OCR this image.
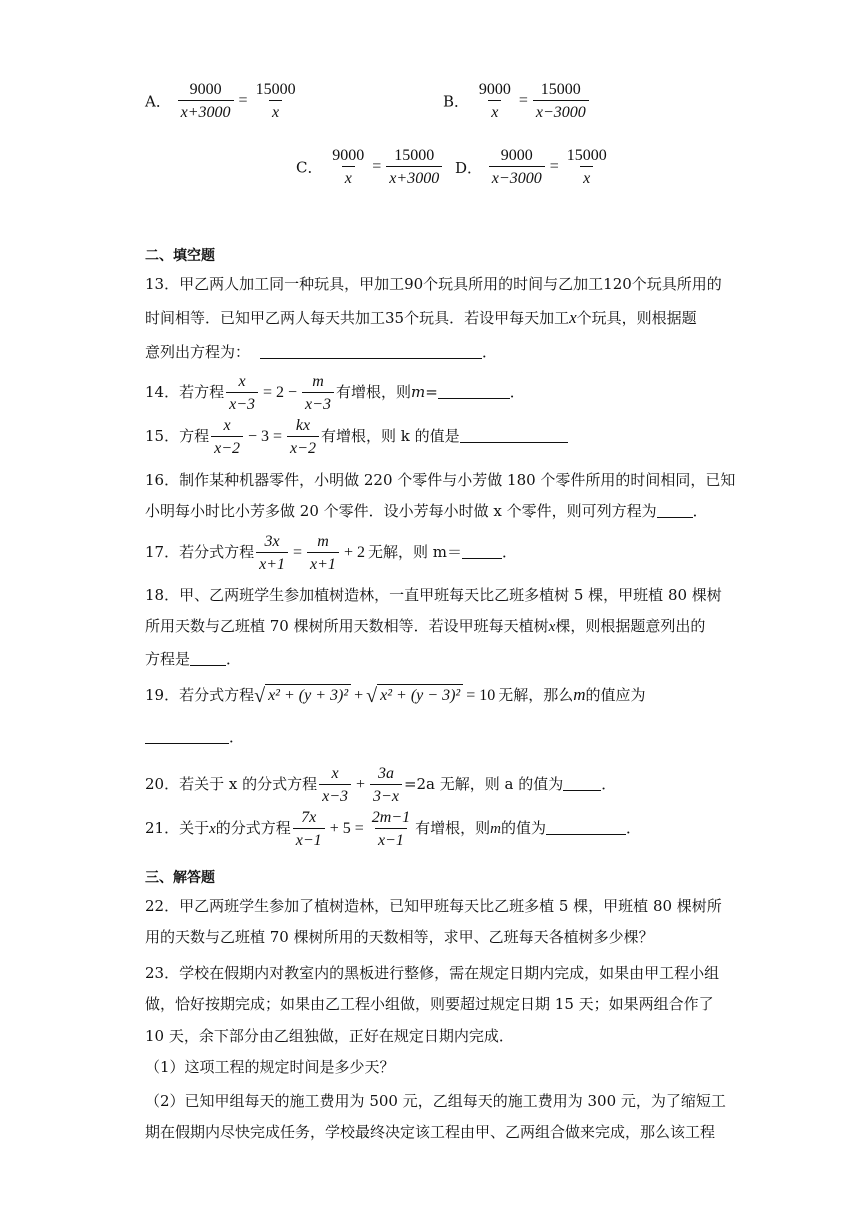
A． $\frac{9000}{x+3000} = \frac{15000}{x}$	B． $\frac{9000}{x} = \frac{15000}{x-3000}$
C． $\frac{9000}{x} = \frac{15000}{x+3000}$ D． $\frac{9000}{x-3000} = \frac{15000}{x}$
二、填空题
13．甲乙两人加工同一种玩具，甲加工90个玩具所用的时间与乙加工120个玩具所用的
时间相等．已知甲乙两人每天共加工35个玩具．若设甲每天加工x个玩具，则根据题
意列出方程为：	．
14．若方程 $\frac{x}{x-3} = 2 - \frac{m}{x-3}$ 有增根，则m=	．
15．方程 $\frac{x}{x-2} - 3 = \frac{kx}{x-2}$ 有增根，则 k 的值是
16．制作某种机器零件，小明做 220 个零件与小芳做 180 个零件所用的时间相同，已知
小明每小时比小芳多做 20 个零件．设小芳每小时做 x 个零件，则可列方程为 ．
17．若分式方程 $\frac{3x}{x+1} = \frac{m}{x+1} + 2$ 无解，则 m＝	．
18．甲、乙两班学生参加植树造林，一直甲班每天比乙班多植树 5 棵，甲班植 80 棵树
所用天数与乙班植 70 棵树所用天数相等．若设甲班每天植树x棵，则根据题意列出的
方程是 ．
19．若分式方程√ x² + (y + 3)² + √ x² + (y − 3)² = 10 无解，那么m的值应为
．
20．若关于 x 的分式方程 $\frac{x}{x-3} + \frac{3a}{3-x} =2a$ 无解，则 a 的值为	．
21．关于x的分式方程 $\frac{7x}{x-1} + 5 = \frac{2m-1}{x-1}$ 有增根，则m的值为	．
三、解答题
22．甲乙两班学生参加了植树造林，已知甲班每天比乙班多植 5 棵，甲班植 80 棵树所
用的天数与乙班植 70 棵树所用的天数相等，求甲、乙班每天各植树多少棵？
23．学校在假期内对教室内的黑板进行整修，需在规定日期内完成，如果由甲工程小组
做，恰好按期完成；如果由乙工程小组做，则要超过规定日期 15 天；如果两组合作了
10 天，余下部分由乙组独做，正好在规定日期内完成．
（1）这项工程的规定时间是多少天？
（2）已知甲组每天的施工费用为 500 元，乙组每天的施工费用为 300 元，为了缩短工
期在假期内尽快完成任务，学校最终决定该工程由甲、乙两组合做来完成，那么该工程
